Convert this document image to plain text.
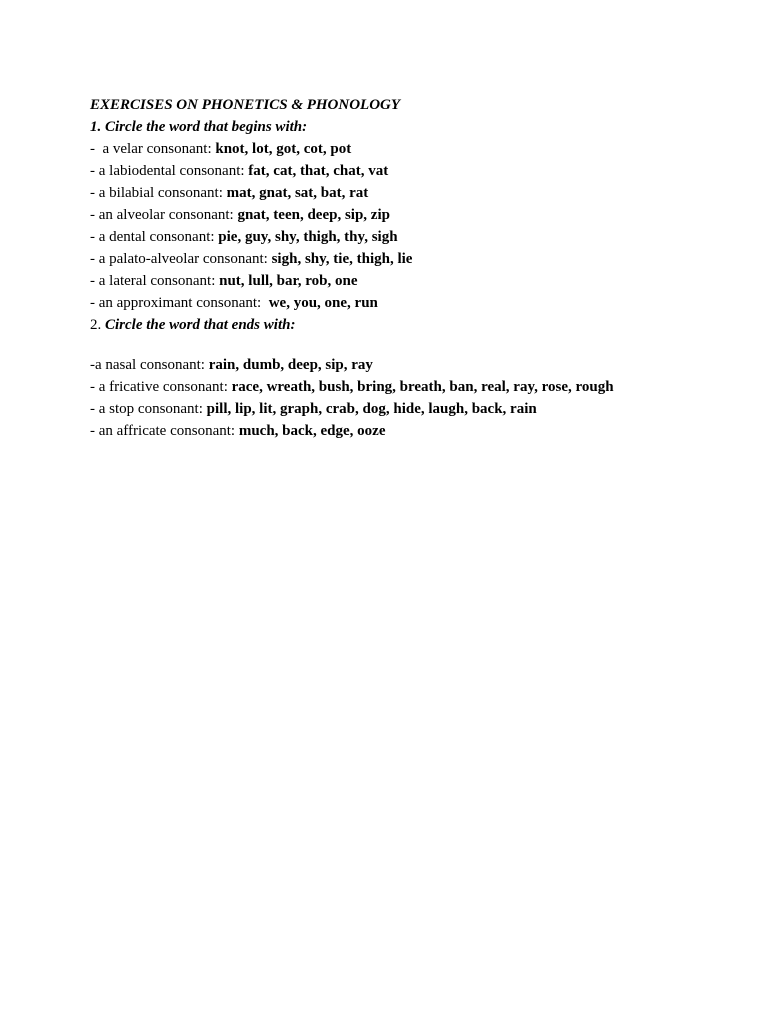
EXERCISES ON PHONETICS & PHONOLOGY
1. Circle the word that begins with:
-  a velar consonant: knot, lot, got, cot, pot
- a labiodental consonant: fat, cat, that, chat, vat
- a bilabial consonant: mat, gnat, sat, bat, rat
- an alveolar consonant: gnat, teen, deep, sip, zip
- a dental consonant: pie, guy, shy, thigh, thy, sigh
- a palato-alveolar consonant: sigh, shy, tie, thigh, lie
- a lateral consonant: nut, lull, bar, rob, one
- an approximant consonant:  we, you, one, run
2. Circle the word that ends with:
-a nasal consonant: rain, dumb, deep, sip, ray
- a fricative consonant: race, wreath, bush, bring, breath, ban, real, ray, rose, rough
- a stop consonant: pill, lip, lit, graph, crab, dog, hide, laugh, back, rain
- an affricate consonant: much, back, edge, ooze
